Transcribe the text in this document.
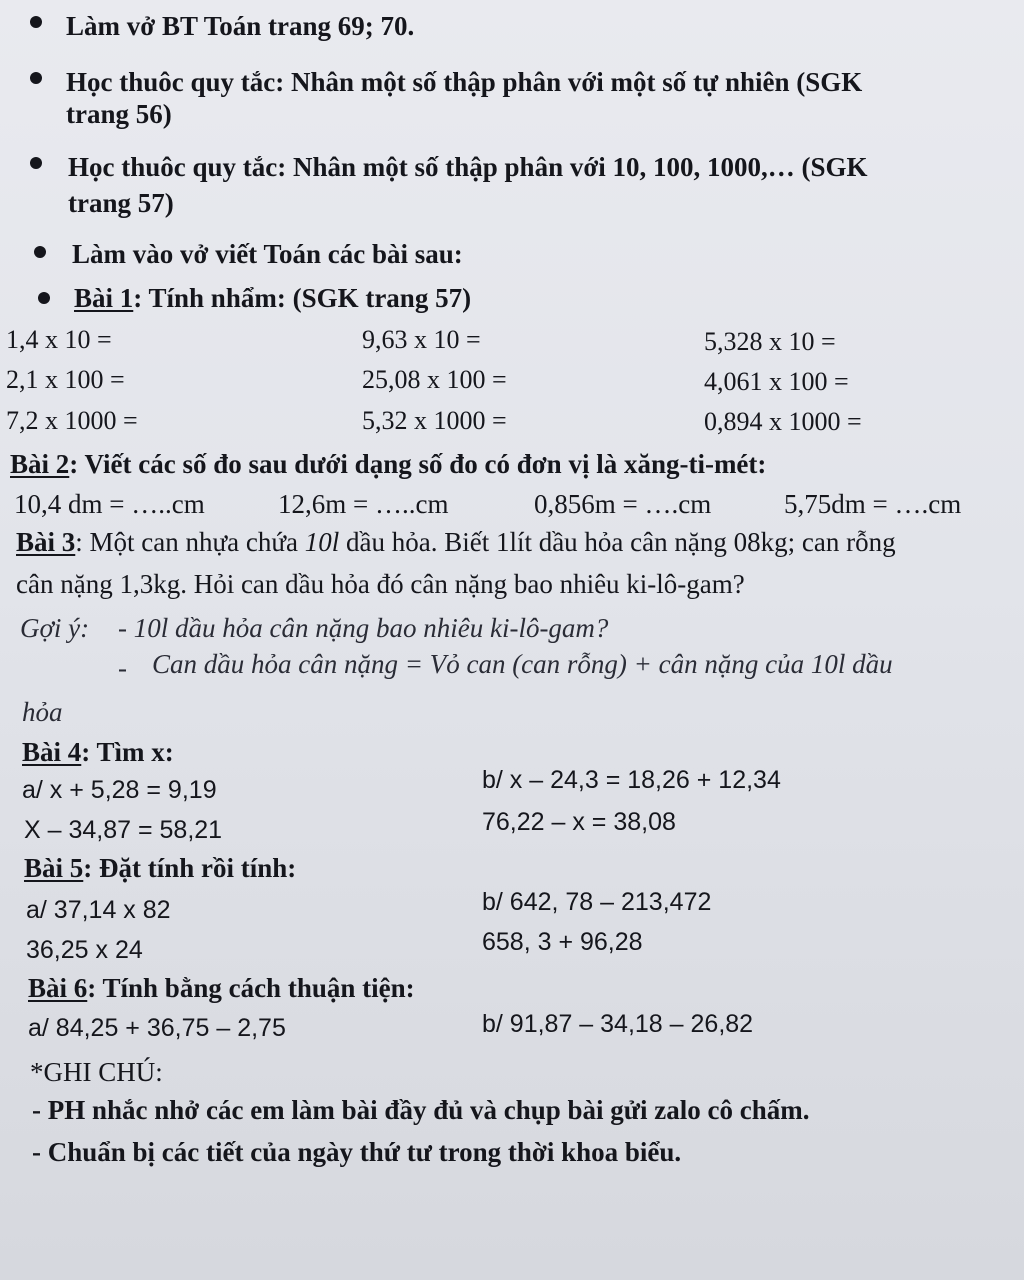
Làm vở BT Toán trang 69; 70.
Học thuôc quy tắc: Nhân một số thập phân với một số tự nhiên (SGK
trang 56)
Học thuôc quy tắc: Nhân một số thập phân với 10, 100, 1000,… (SGK
trang 57)
Làm vào vở viết Toán các bài sau:
Bài 1: Tính nhẩm: (SGK trang 57)
1,4 x 10 =	9,63 x 10 =	5,328 x 10 =
2,1 x 100 =	25,08 x 100 =	4,061 x 100 =
7,2 x 1000 =	5,32 x 1000 =	0,894 x 1000 =
Bài 2: Viết các số đo sau dưới dạng số đo có đơn vị là xăng-ti-mét:
10,4 dm = …..cm	12,6m = …..cm	0,856m = ….cm	5,75dm = ….cm
Bài 3: Một can nhựa chứa 10l dầu hỏa. Biết 1lít dầu hỏa cân nặng 08kg; can rỗng
cân nặng 1,3kg. Hỏi can dầu hỏa đó cân nặng bao nhiêu ki-lô-gam?
Gợi ý: - 10l dầu hỏa cân nặng bao nhiêu ki-lô-gam?
- Can dầu hỏa cân nặng = Vỏ can (can rỗng) + cân nặng của 10l dầu
hỏa
Bài 4: Tìm x:
a/ x + 5,28 = 9,19	b/ x – 24,3 = 18,26 + 12,34
X – 34,87 = 58,21	76,22 – x = 38,08
Bài 5: Đặt tính rồi tính:
a/ 37,14 x 82	b/ 642, 78 – 213,472
36,25 x 24	658, 3 + 96,28
Bài 6: Tính bằng cách thuận tiện:
a/ 84,25 + 36,75 – 2,75	b/ 91,87 – 34,18 – 26,82
*GHI CHÚ:
- PH nhắc nhở các em làm bài đầy đủ và chụp bài gửi zalo cô chấm.
- Chuẩn bị các tiết của ngày thứ tư trong thời khoa biểu.
